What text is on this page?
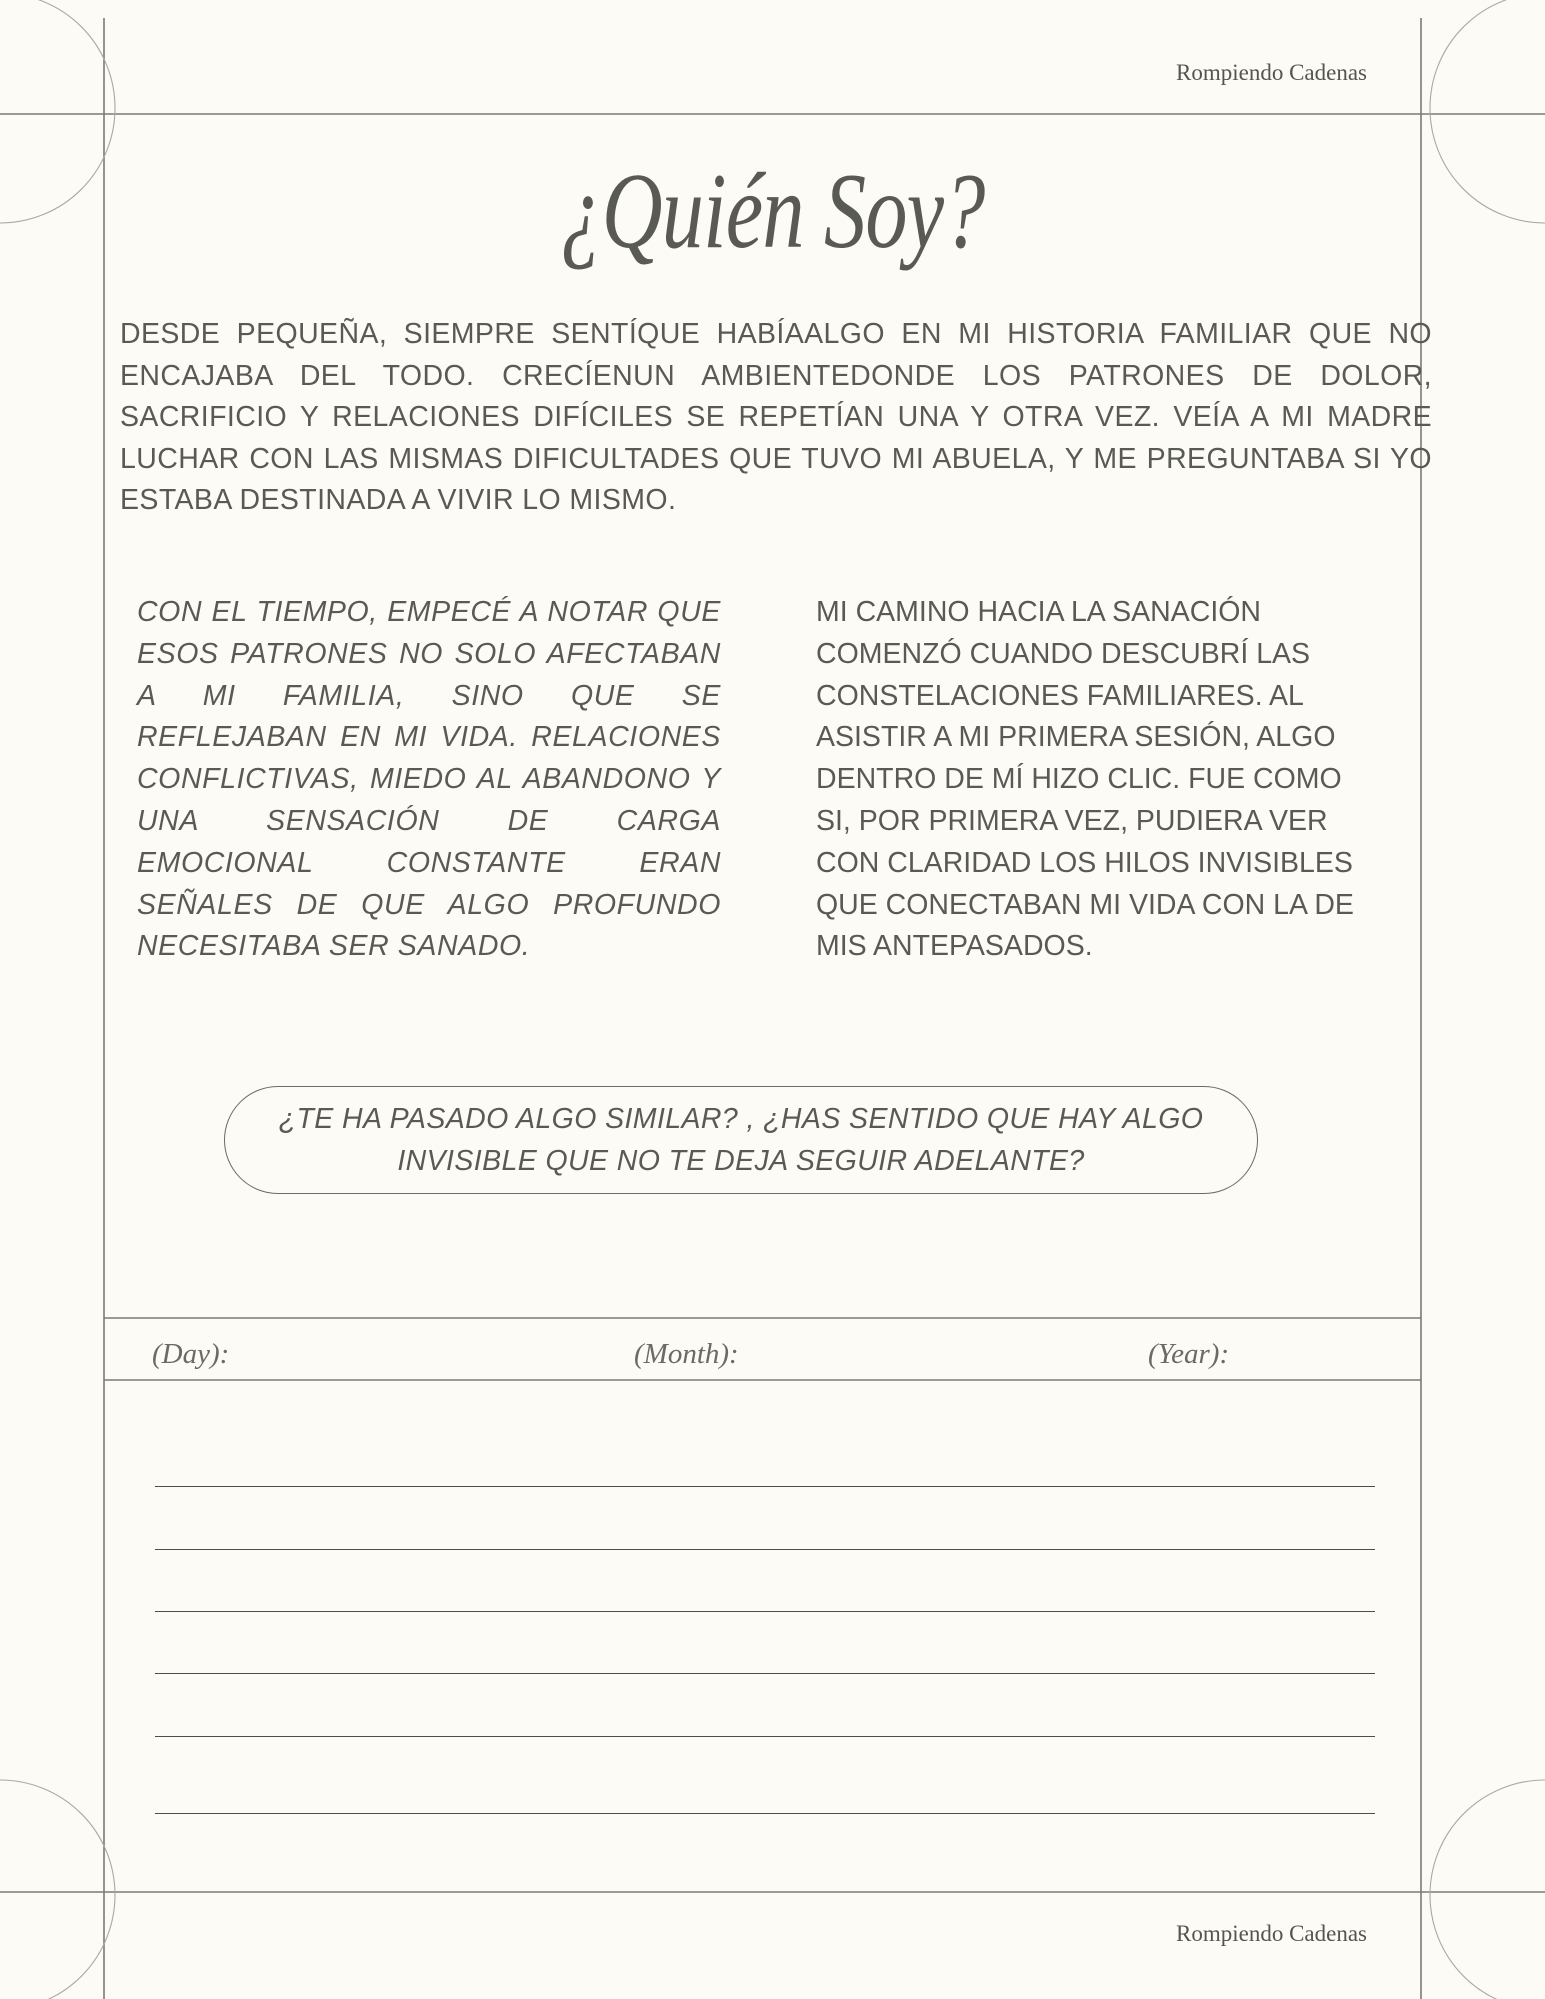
Rompiendo Cadenas
¿Quién Soy?

DESDE PEQUEÑA, SIEMPRE SENTÍQUE HABÍAALGO EN MI HISTORIA FAMILIAR QUE NO ENCAJABA DEL TODO. CRECÍENUN AMBIENTEDONDE LOS PATRONES DE DOLOR, SACRIFICIO Y RELACIONES DIFÍCILES SE REPETÍAN UNA Y OTRA VEZ. VEÍA A MI MADRE LUCHAR CON LAS MISMAS DIFICULTADES QUE TUVO MI ABUELA, Y ME PREGUNTABA SI YO ESTABA DESTINADA A VIVIR LO MISMO.

CON EL TIEMPO, EMPECÉ A NOTAR QUE ESOS PATRONES NO SOLO AFECTABAN A MI FAMILIA, SINO QUE SE REFLEJABAN EN MI VIDA. RELACIONES CONFLICTIVAS, MIEDO AL ABANDONO Y UNA SENSACIÓN DE CARGA EMOCIONAL CONSTANTE ERAN SEÑALES DE QUE ALGO PROFUNDO NECESITABA SER SANADO.

MI CAMINO HACIA LA SANACIÓN COMENZÓ CUANDO DESCUBRÍ LAS CONSTELACIONES FAMILIARES. AL ASISTIR A MI PRIMERA SESIÓN, ALGO DENTRO DE MÍ HIZO CLIC. FUE COMO SI, POR PRIMERA VEZ, PUDIERA VER CON CLARIDAD LOS HILOS INVISIBLES QUE CONECTABAN MI VIDA CON LA DE MIS ANTEPASADOS.

¿TE HA PASADO ALGO SIMILAR? , ¿HAS SENTIDO QUE HAY ALGO INVISIBLE QUE NO TE DEJA SEGUIR ADELANTE?
(Day):	(Month):	(Year):
Rompiendo Cadenas
